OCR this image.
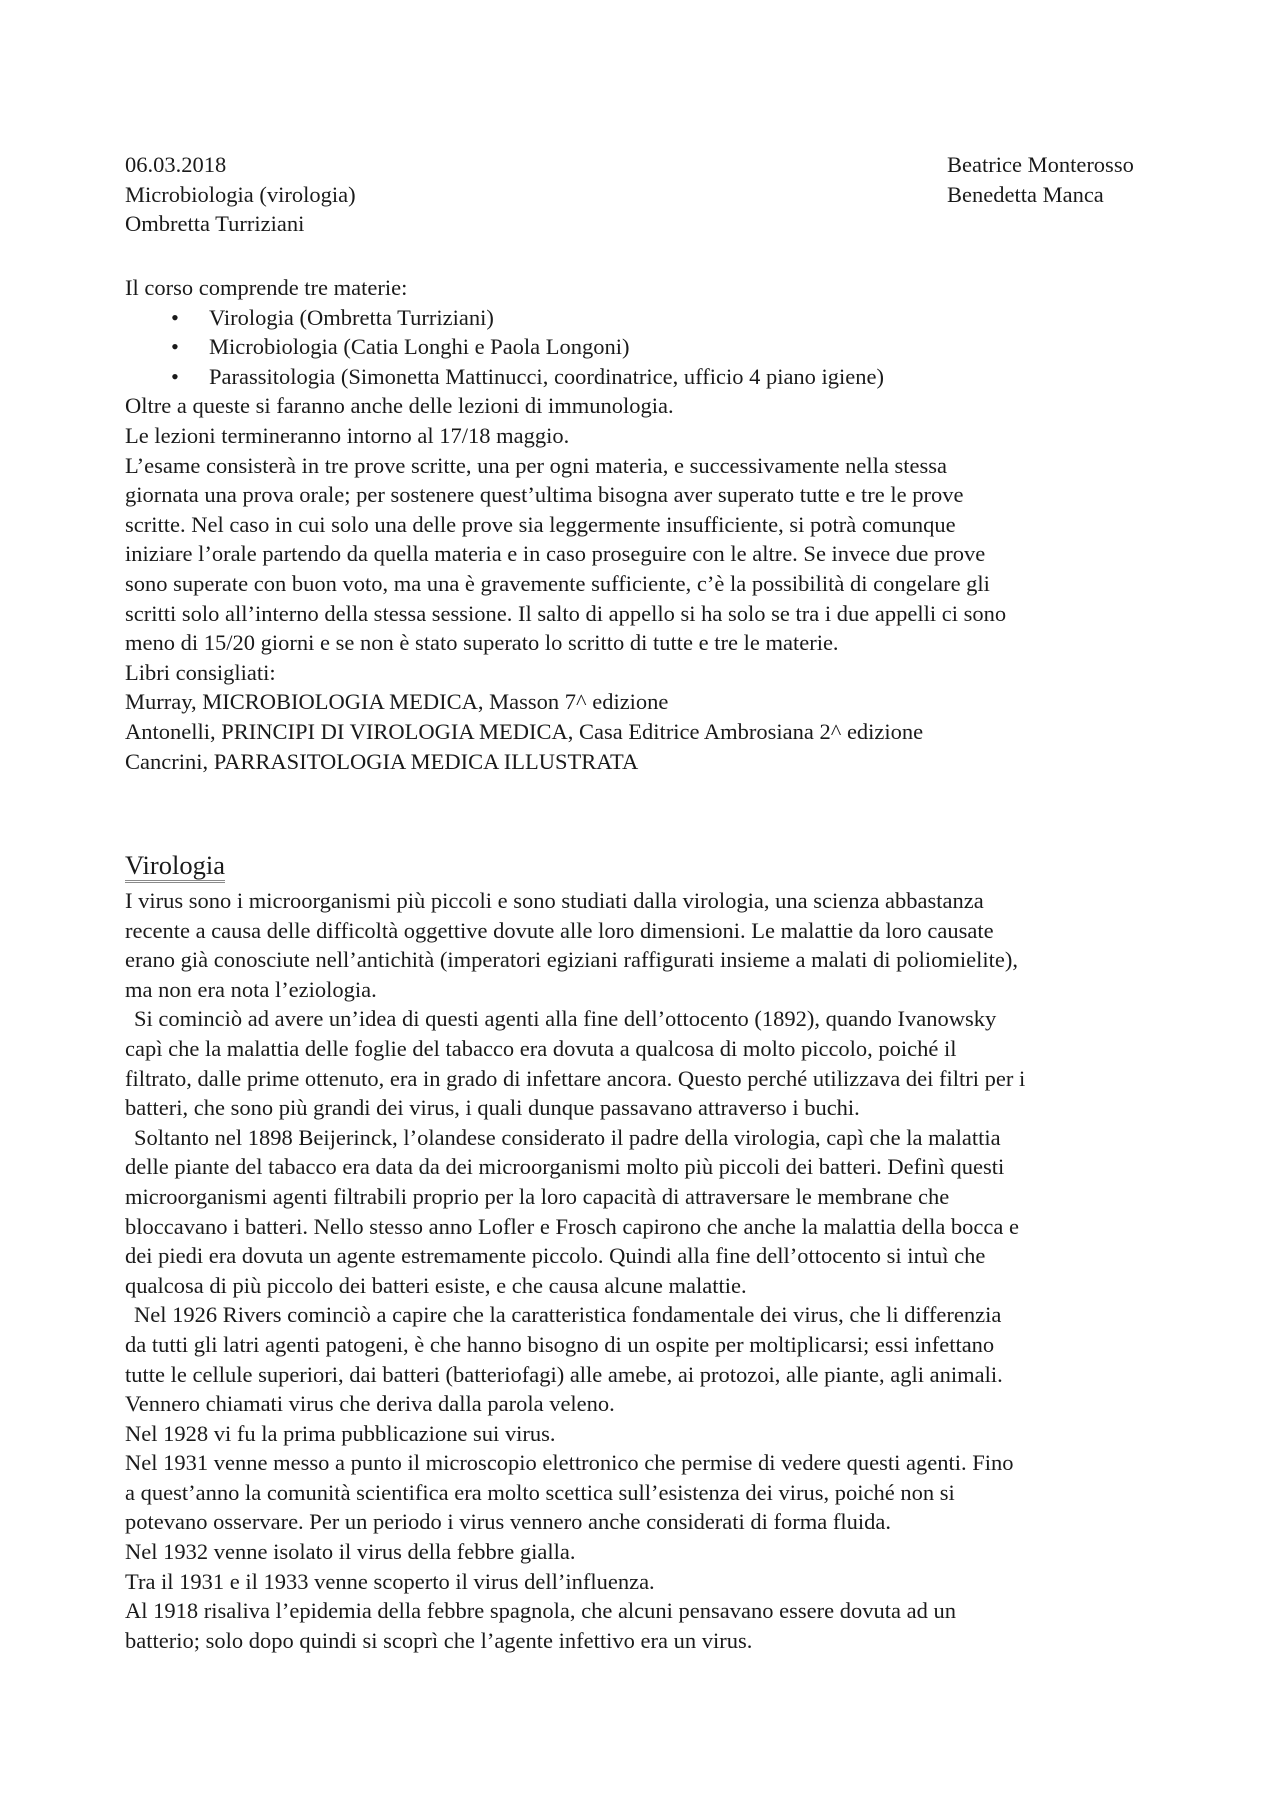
06.03.2018
Microbiologia (virologia)
Ombretta Turriziani
Beatrice Monterosso
Benedetta Manca
Il corso comprende tre materie:
• Virologia (Ombretta Turriziani)
• Microbiologia (Catia Longhi e Paola Longoni)
• Parassitologia (Simonetta Mattinucci, coordinatrice, ufficio 4 piano igiene)
Oltre a queste si faranno anche delle lezioni di immunologia.
Le lezioni termineranno intorno al 17/18 maggio.
L’esame consisterà in tre prove scritte, una per ogni materia, e successivamente nella stessa
giornata una prova orale; per sostenere quest’ultima bisogna aver superato tutte e tre le prove
scritte. Nel caso in cui solo una delle prove sia leggermente insufficiente, si potrà comunque
iniziare l’orale partendo da quella materia e in caso proseguire con le altre. Se invece due prove
sono superate con buon voto, ma una è gravemente sufficiente, c’è la possibilità di congelare gli
scritti solo all’interno della stessa sessione. Il salto di appello si ha solo se tra i due appelli ci sono
meno di 15/20 giorni e se non è stato superato lo scritto di tutte e tre le materie.
Libri consigliati:
Murray, MICROBIOLOGIA MEDICA, Masson 7^ edizione
Antonelli, PRINCIPI DI VIROLOGIA MEDICA, Casa Editrice Ambrosiana 2^ edizione
Cancrini, PARRASITOLOGIA MEDICA ILLUSTRATA
Virologia
I virus sono i microorganismi più piccoli e sono studiati dalla virologia, una scienza abbastanza
recente a causa delle difficoltà oggettive dovute alle loro dimensioni. Le malattie da loro causate
erano già conosciute nell’antichità (imperatori egiziani raffigurati insieme a malati di poliomielite),
ma non era nota l’eziologia.
Si cominciò ad avere un’idea di questi agenti alla fine dell’ottocento (1892), quando Ivanowsky
capì che la malattia delle foglie del tabacco era dovuta a qualcosa di molto piccolo, poiché il
filtrato, dalle prime ottenuto, era in grado di infettare ancora. Questo perché utilizzava dei filtri per i
batteri, che sono più grandi dei virus, i quali dunque passavano attraverso i buchi.
Soltanto nel 1898 Beijerinck, l’olandese considerato il padre della virologia, capì che la malattia
delle piante del tabacco era data da dei microorganismi molto più piccoli dei batteri. Definì questi
microorganismi agenti filtrabili proprio per la loro capacità di attraversare le membrane che
bloccavano i batteri. Nello stesso anno Lofler e Frosch capirono che anche la malattia della bocca e
dei piedi era dovuta un agente estremamente piccolo. Quindi alla fine dell’ottocento si intuì che
qualcosa di più piccolo dei batteri esiste, e che causa alcune malattie.
Nel 1926 Rivers cominciò a capire che la caratteristica fondamentale dei virus, che li differenzia
da tutti gli latri agenti patogeni, è che hanno bisogno di un ospite per moltiplicarsi; essi infettano
tutte le cellule superiori, dai batteri (batteriofagi) alle amebe, ai protozoi, alle piante, agli animali.
Vennero chiamati virus che deriva dalla parola veleno.
Nel 1928 vi fu la prima pubblicazione sui virus.
Nel 1931 venne messo a punto il microscopio elettronico che permise di vedere questi agenti. Fino
a quest’anno la comunità scientifica era molto scettica sull’esistenza dei virus, poiché non si
potevano osservare. Per un periodo i virus vennero anche considerati di forma fluida.
Nel 1932 venne isolato il virus della febbre gialla.
Tra il 1931 e il 1933 venne scoperto il virus dell’influenza.
Al 1918 risaliva l’epidemia della febbre spagnola, che alcuni pensavano essere dovuta ad un
batterio; solo dopo quindi si scoprì che l’agente infettivo era un virus.
